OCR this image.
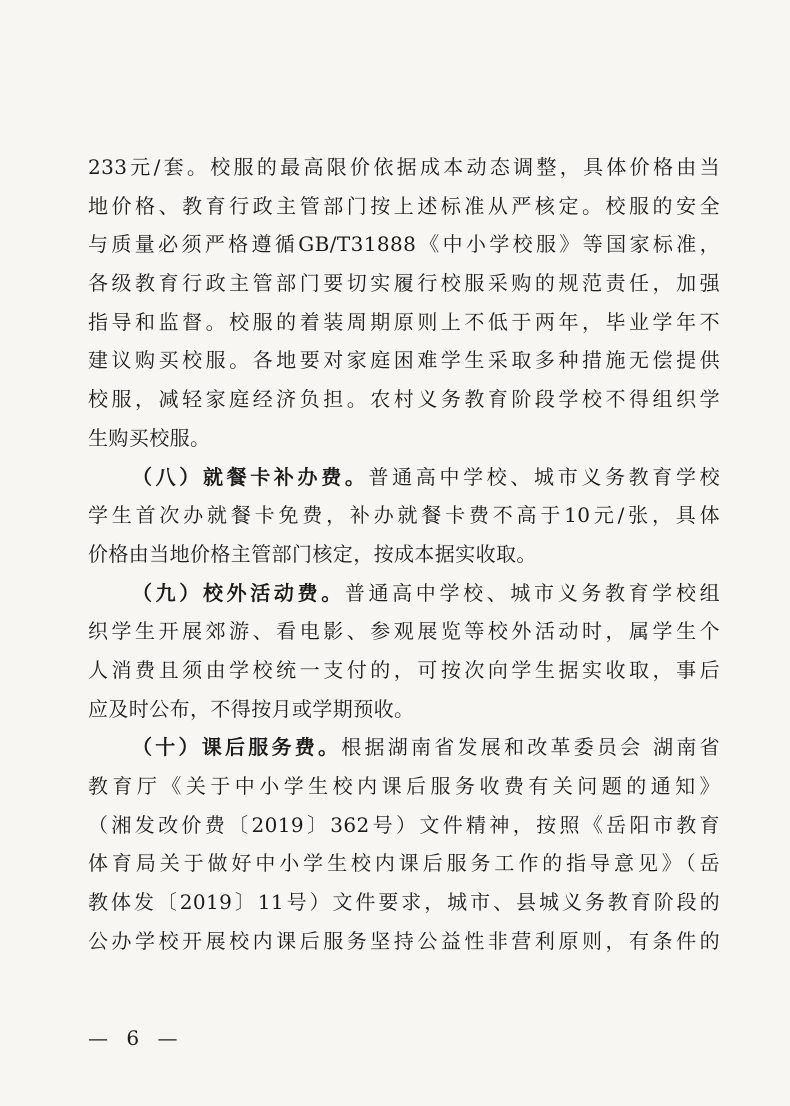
233元/套。校服的最高限价依据成本动态调整，具体价格由当
地价格、教育行政主管部门按上述标准从严核定。校服的安全
与质量必须严格遵循GB/T31888《中小学校服》等国家标准，
各级教育行政主管部门要切实履行校服采购的规范责任，加强
指导和监督。校服的着装周期原则上不低于两年，毕业学年不
建议购买校服。各地要对家庭困难学生采取多种措施无偿提供
校服，减轻家庭经济负担。农村义务教育阶段学校不得组织学
生购买校服。
（八）就餐卡补办费。普通高中学校、城市义务教育学校
学生首次办就餐卡免费，补办就餐卡费不高于10元/张，具体
价格由当地价格主管部门核定，按成本据实收取。
（九）校外活动费。普通高中学校、城市义务教育学校组
织学生开展郊游、看电影、参观展览等校外活动时，属学生个
人消费且须由学校统一支付的，可按次向学生据实收取，事后
应及时公布，不得按月或学期预收。
（十）课后服务费。根据湖南省发展和改革委员会 湖南省
教育厅《关于中小学生校内课后服务收费有关问题的通知》
（湘发改价费〔2019〕362号）文件精神，按照《岳阳市教育
体育局关于做好中小学生校内课后服务工作的指导意见》（岳
教体发〔2019〕11号）文件要求，城市、县城义务教育阶段的
公办学校开展校内课后服务坚持公益性非营利原则，有条件的
— 6 —
